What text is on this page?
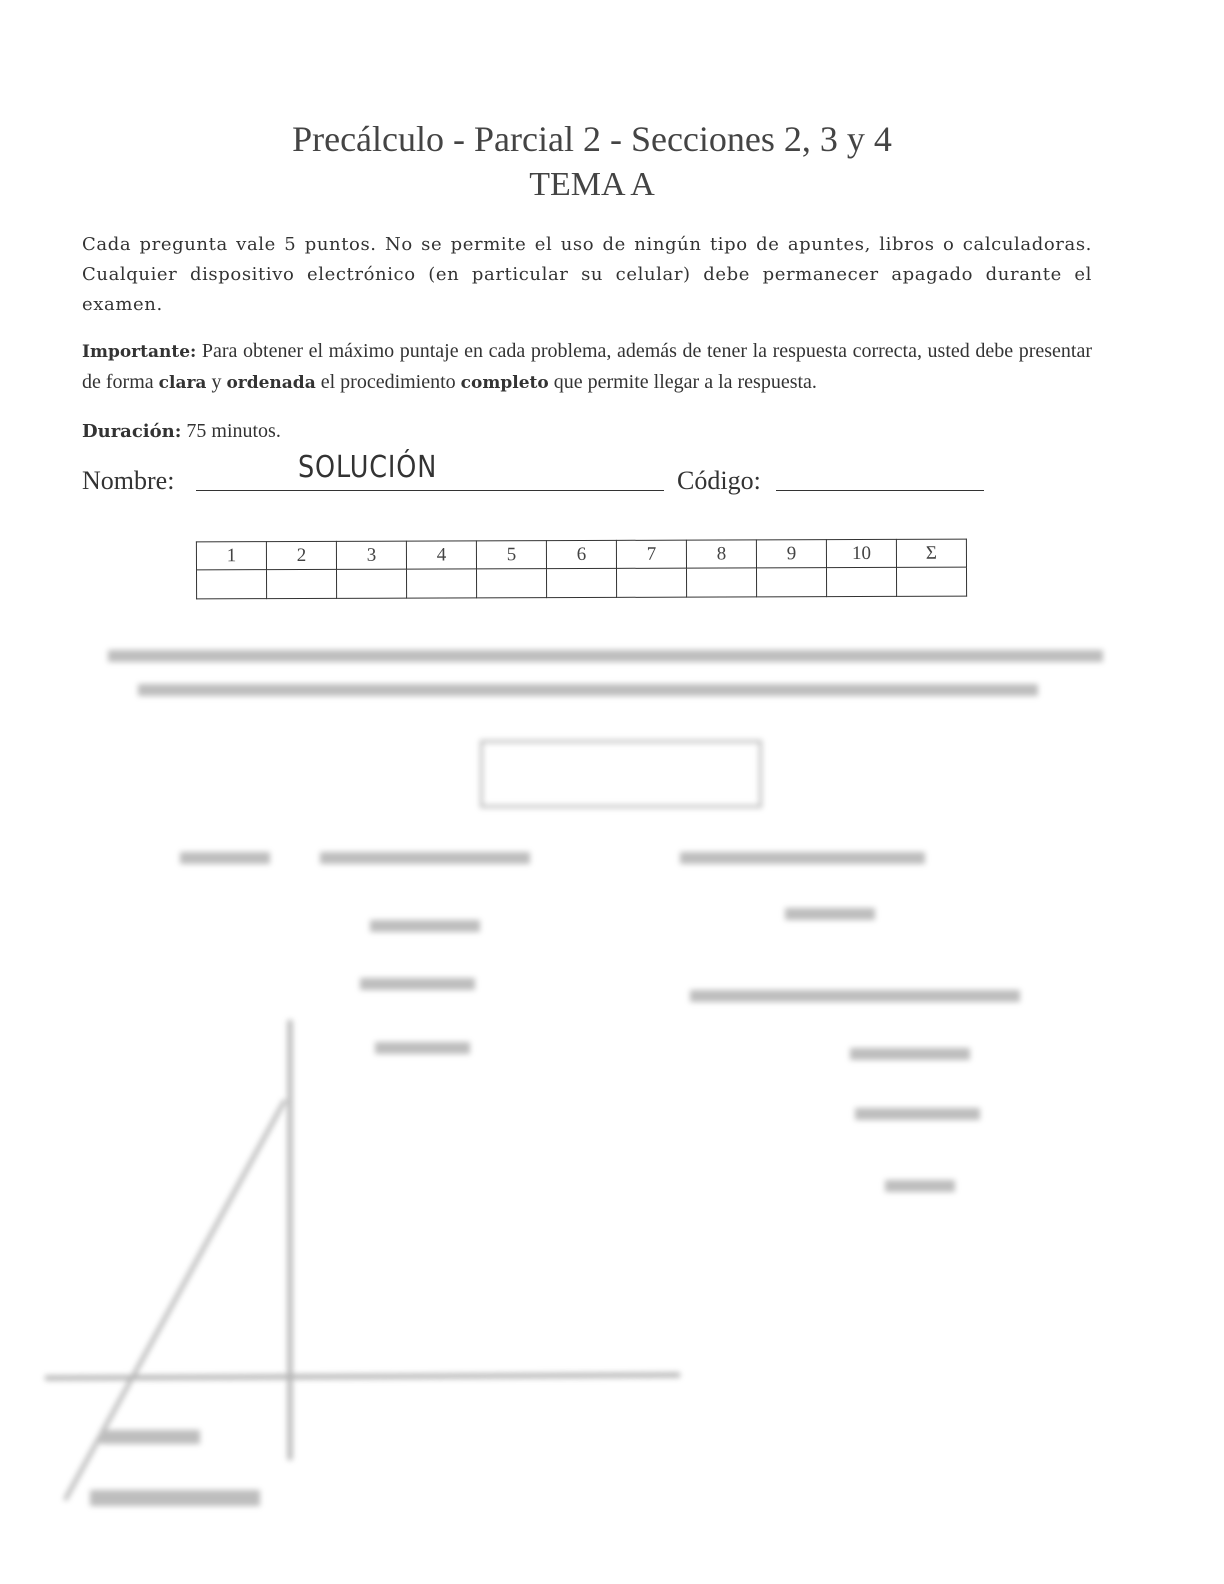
Precálculo - Parcial 2 - Secciones 2, 3 y 4
TEMA A
Cada pregunta vale 5 puntos. No se permite el uso de ningún tipo de apuntes, libros o calculadoras. Cualquier dispositivo electrónico (en particular su celular) debe permanecer apagado durante el examen.
Importante: Para obtener el máximo puntaje en cada problema, además de tener la respuesta correcta, usted debe presentar de forma clara y ordenada el procedimiento completo que permite llegar a la respuesta.
Duración: 75 minutos.
Nombre:	SOLUCIÓN	Código:
1	2	3	4	5	6	7	8	9	10	Σ
